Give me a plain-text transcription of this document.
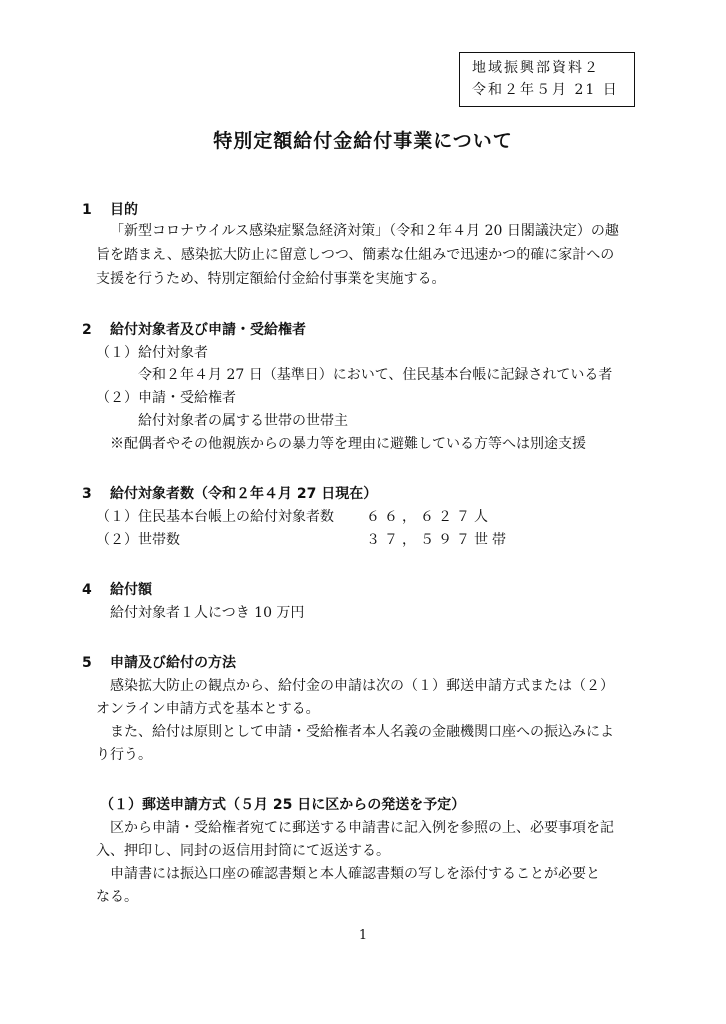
地域振興部資料２
令和２年５月 21 日
特別定額給付金給付事業について
1 目的
「新型コロナウイルス感染症緊急経済対策」（令和２年４月 20 日閣議決定）の趣
旨を踏まえ、感染拡大防止に留意しつつ、簡素な仕組みで迅速かつ的確に家計への
支援を行うため、特別定額給付金給付事業を実施する。
2 給付対象者及び申請・受給権者
（１）給付対象者
令和２年４月 27 日（基準日）において、住民基本台帳に記録されている者
（２）申請・受給権者
給付対象者の属する世帯の世帯主
※配偶者やその他親族からの暴力等を理由に避難している方等へは別途支援
3 給付対象者数（令和２年４月 27 日現在）
（１）住民基本台帳上の給付対象者数 ６６，６２７人
（２）世帯数	３７，５９７世帯
4 給付額
給付対象者１人につき 10 万円
5 申請及び給付の方法
感染拡大防止の観点から、給付金の申請は次の（１）郵送申請方式または（２）
オンライン申請方式を基本とする。
また、給付は原則として申請・受給権者本人名義の金融機関口座への振込みによ
り行う。
（１）郵送申請方式（５月 25 日に区からの発送を予定）
区から申請・受給権者宛てに郵送する申請書に記入例を参照の上、必要事項を記
入、押印し、同封の返信用封筒にて返送する。
申請書には振込口座の確認書類と本人確認書類の写しを添付することが必要と
なる。
1
